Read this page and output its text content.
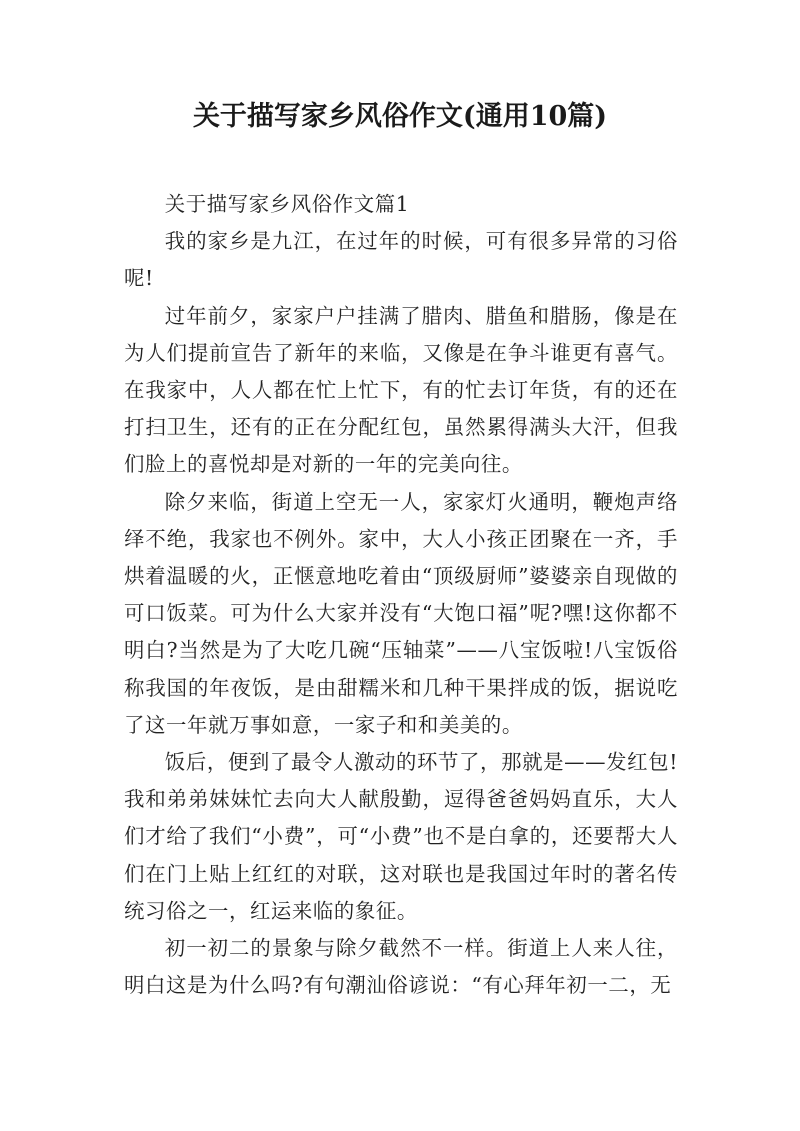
关于描写家乡风俗作文(通用10篇)

关于描写家乡风俗作文篇1

我的家乡是九江，在过年的时候，可有很多异常的习俗呢!

过年前夕，家家户户挂满了腊肉、腊鱼和腊肠，像是在为人们提前宣告了新年的来临，又像是在争斗谁更有喜气。在我家中，人人都在忙上忙下，有的忙去订年货，有的还在打扫卫生，还有的正在分配红包，虽然累得满头大汗，但我们脸上的喜悦却是对新的一年的完美向往。

除夕来临，街道上空无一人，家家灯火通明，鞭炮声络绎不绝，我家也不例外。家中，大人小孩正团聚在一齐，手烘着温暖的火，正惬意地吃着由“顶级厨师”婆婆亲自现做的可口饭菜。可为什么大家并没有“大饱口福”呢?嘿!这你都不明白?当然是为了大吃几碗“压轴菜”——八宝饭啦!八宝饭俗称我国的年夜饭，是由甜糯米和几种干果拌成的饭，据说吃了这一年就万事如意，一家子和和美美的。

饭后，便到了最令人激动的环节了，那就是——发红包!我和弟弟妹妹忙去向大人献殷勤，逗得爸爸妈妈直乐，大人们才给了我们“小费”，可“小费”也不是白拿的，还要帮大人们在门上贴上红红的对联，这对联也是我国过年时的著名传统习俗之一，红运来临的象征。

初一初二的景象与除夕截然不一样。街道上人来人往，明白这是为什么吗?有句潮汕俗谚说：“有心拜年初一二，无
